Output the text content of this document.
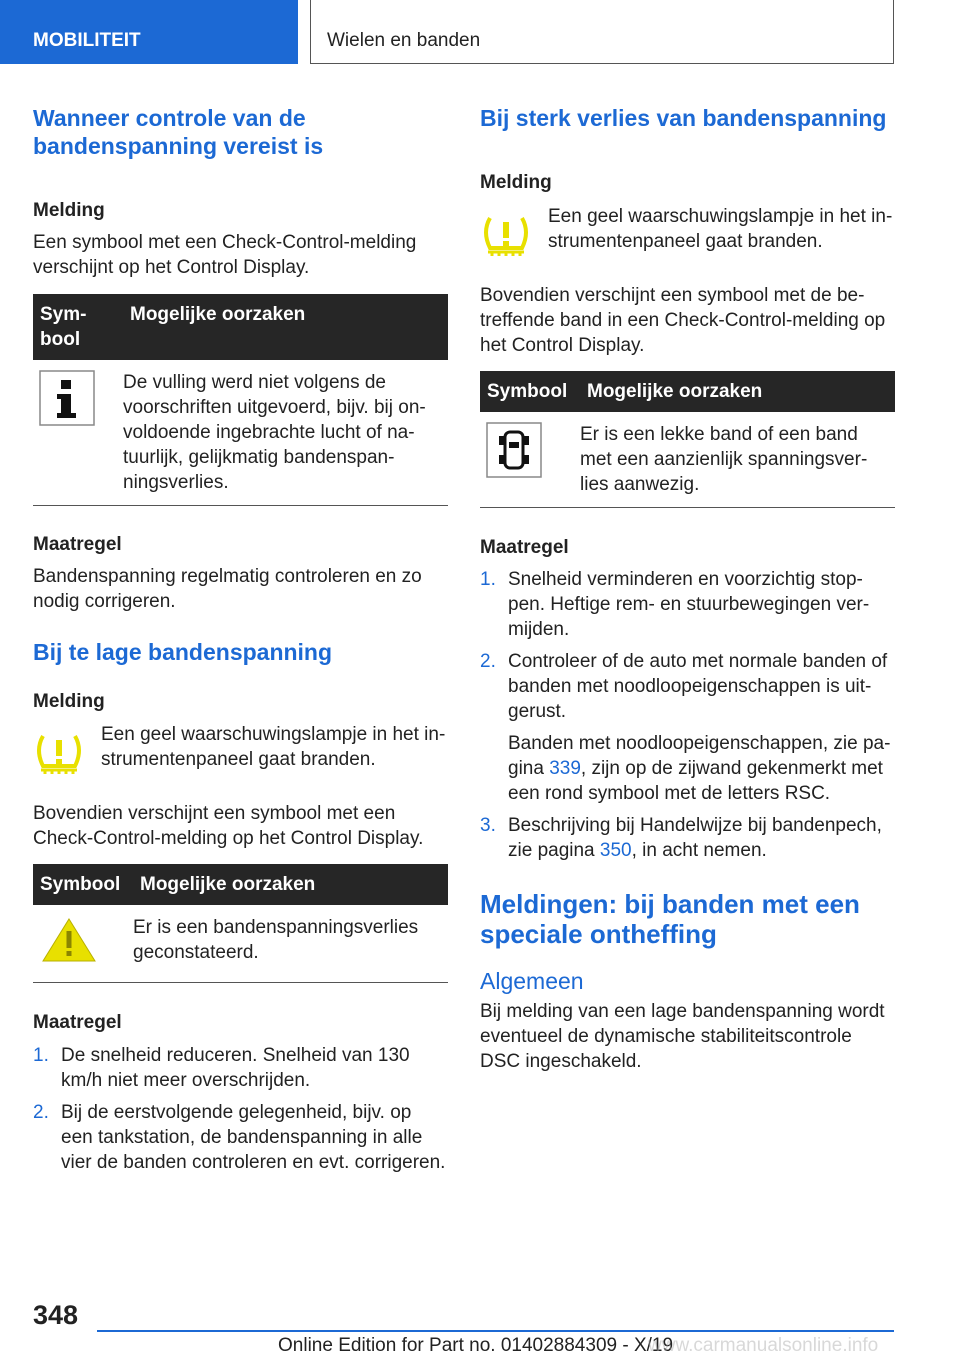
MOBILITEIT	Wielen en banden
Wanneer controle van de bandenspanning vereist is
Melding

Een symbool met een Check-Control-melding verschijnt op het Control Display.

Sym-
bool	Mogelijke oorzaken
	De vulling werd niet volgens de voorschriften uitgevoerd, bijv. bij on-voldoende ingebrachte lucht of na-tuurlijk, gelijkmatig bandenspan-ningsverlies.
Maatregel

Bandenspanning regelmatig controleren en zo nodig corrigeren.

Bij te lage bandenspanning
Melding

Een geel waarschuwingslampje in het in-strumentenpaneel gaat branden.

Bovendien verschijnt een symbool met een Check-Control-melding op het Control Display.

Symbool	Mogelijke oorzaken
	Er is een bandenspanningsverlies geconstateerd.
Maatregel
1. De snelheid reduceren. Snelheid van 130 km/h niet meer overschrijden.
2. Bij de eerstvolgende gelegenheid, bijv. op een tankstation, de bandenspanning in alle vier de banden controleren en evt. corrigeren.
Bij sterk verlies van bandenspanning
Melding

Een geel waarschuwingslampje in het in-strumentenpaneel gaat branden.

Bovendien verschijnt een symbool met de be-treffende band in een Check-Control-melding op het Control Display.

Symbool	Mogelijke oorzaken
	Er is een lekke band of een band met een aanzienlijk spanningsver-lies aanwezig.
Maatregel
1. Snelheid verminderen en voorzichtig stop-pen. Heftige rem- en stuurbewegingen ver-mijden.
2. Controleer of de auto met normale banden of banden met noodloopeigenschappen is uit-gerust.
Banden met noodloopeigenschappen, zie pa-gina 339, zijn op de zijwand gekenmerkt met een rond symbool met de letters RSC.
3. Beschrijving bij Handelwijze bij bandenpech, zie pagina 350, in acht nemen.
Meldingen: bij banden met een speciale ontheffing
Algemeen

Bij melding van een lage bandenspanning wordt eventueel de dynamische stabiliteitscontrole DSC ingeschakeld.

348
Online Edition for Part no. 01402884309 - X/19
www.carmanualsonline.info
